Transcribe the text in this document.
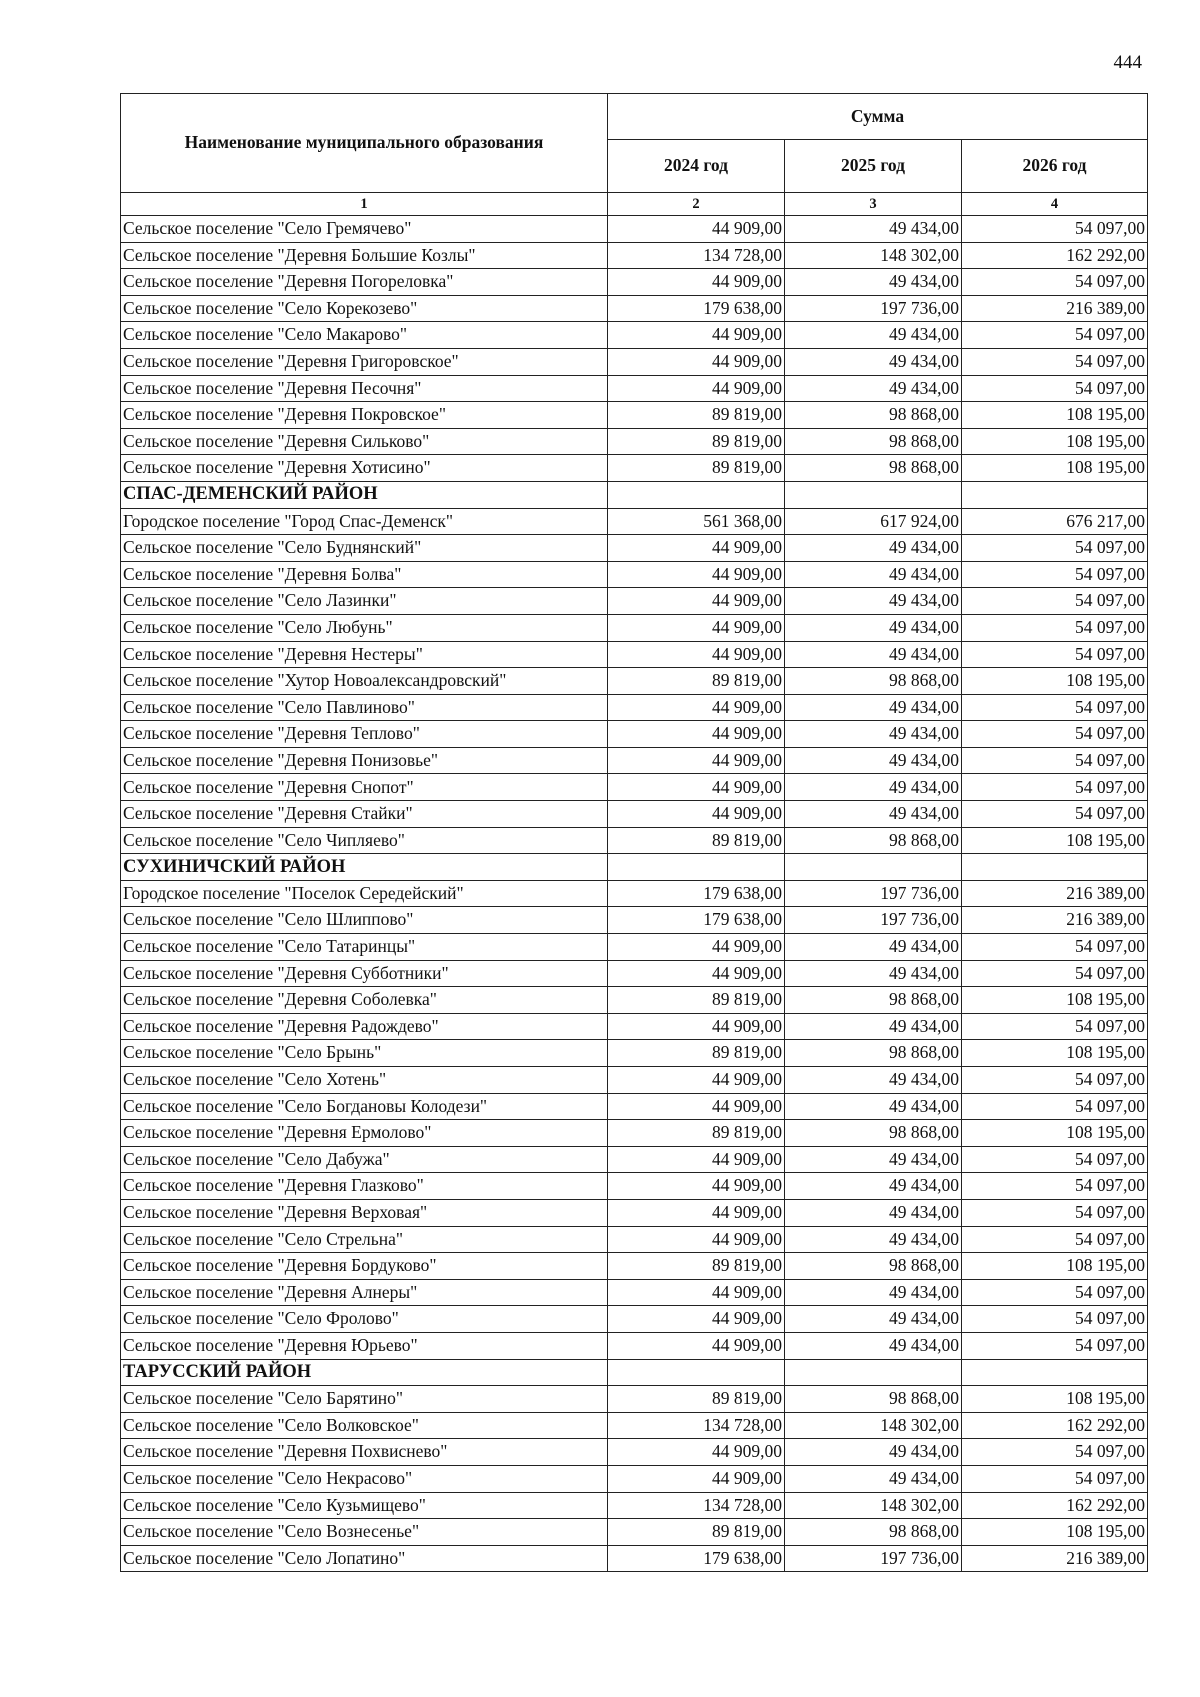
444
Наименование муниципального образования	Сумма		
	2024 год	2025 год	2026 год
1	2	3	4
Сельское поселение "Село Гремячево"	44 909,00	49 434,00	54 097,00
Сельское поселение "Деревня Большие Козлы"	134 728,00	148 302,00	162 292,00
Сельское поселение "Деревня Погореловка"	44 909,00	49 434,00	54 097,00
Сельское поселение "Село Корекозево"	179 638,00	197 736,00	216 389,00
Сельское поселение "Село Макарово"	44 909,00	49 434,00	54 097,00
Сельское поселение "Деревня Григоровское"	44 909,00	49 434,00	54 097,00
Сельское поселение "Деревня Песочня"	44 909,00	49 434,00	54 097,00
Сельское поселение "Деревня Покровское"	89 819,00	98 868,00	108 195,00
Сельское поселение "Деревня Сильково"	89 819,00	98 868,00	108 195,00
Сельское поселение "Деревня Хотисино"	89 819,00	98 868,00	108 195,00
СПАС-ДЕМЕНСКИЙ РАЙОН			
Городское поселение "Город Спас-Деменск"	561 368,00	617 924,00	676 217,00
Сельское поселение "Село Буднянский"	44 909,00	49 434,00	54 097,00
Сельское поселение "Деревня Болва"	44 909,00	49 434,00	54 097,00
Сельское поселение "Село Лазинки"	44 909,00	49 434,00	54 097,00
Сельское поселение "Село Любунь"	44 909,00	49 434,00	54 097,00
Сельское поселение "Деревня Нестеры"	44 909,00	49 434,00	54 097,00
Сельское поселение "Хутор Новоалександровский"	89 819,00	98 868,00	108 195,00
Сельское поселение "Село Павлиново"	44 909,00	49 434,00	54 097,00
Сельское поселение "Деревня Теплово"	44 909,00	49 434,00	54 097,00
Сельское поселение "Деревня Понизовье"	44 909,00	49 434,00	54 097,00
Сельское поселение "Деревня Снопот"	44 909,00	49 434,00	54 097,00
Сельское поселение "Деревня Стайки"	44 909,00	49 434,00	54 097,00
Сельское поселение "Село Чипляево"	89 819,00	98 868,00	108 195,00
СУХИНИЧСКИЙ РАЙОН			
Городское поселение "Поселок Середейский"	179 638,00	197 736,00	216 389,00
Сельское поселение "Село Шлиппово"	179 638,00	197 736,00	216 389,00
Сельское поселение "Село Татаринцы"	44 909,00	49 434,00	54 097,00
Сельское поселение "Деревня Субботники"	44 909,00	49 434,00	54 097,00
Сельское поселение "Деревня Соболевка"	89 819,00	98 868,00	108 195,00
Сельское поселение "Деревня Радождево"	44 909,00	49 434,00	54 097,00
Сельское поселение "Село Брынь"	89 819,00	98 868,00	108 195,00
Сельское поселение "Село Хотень"	44 909,00	49 434,00	54 097,00
Сельское поселение "Село Богдановы Колодези"	44 909,00	49 434,00	54 097,00
Сельское поселение "Деревня Ермолово"	89 819,00	98 868,00	108 195,00
Сельское поселение "Село Дабужа"	44 909,00	49 434,00	54 097,00
Сельское поселение "Деревня Глазково"	44 909,00	49 434,00	54 097,00
Сельское поселение "Деревня Верховая"	44 909,00	49 434,00	54 097,00
Сельское поселение "Село Стрельна"	44 909,00	49 434,00	54 097,00
Сельское поселение "Деревня Бордуково"	89 819,00	98 868,00	108 195,00
Сельское поселение "Деревня Алнеры"	44 909,00	49 434,00	54 097,00
Сельское поселение "Село Фролово"	44 909,00	49 434,00	54 097,00
Сельское поселение "Деревня Юрьево"	44 909,00	49 434,00	54 097,00
ТАРУССКИЙ РАЙОН			
Сельское поселение "Село Барятино"	89 819,00	98 868,00	108 195,00
Сельское поселение "Село Волковское"	134 728,00	148 302,00	162 292,00
Сельское поселение "Деревня Похвиснево"	44 909,00	49 434,00	54 097,00
Сельское поселение "Село Некрасово"	44 909,00	49 434,00	54 097,00
Сельское поселение "Село Кузьмищево"	134 728,00	148 302,00	162 292,00
Сельское поселение "Село Вознесенье"	89 819,00	98 868,00	108 195,00
Сельское поселение "Село Лопатино"	179 638,00	197 736,00	216 389,00
